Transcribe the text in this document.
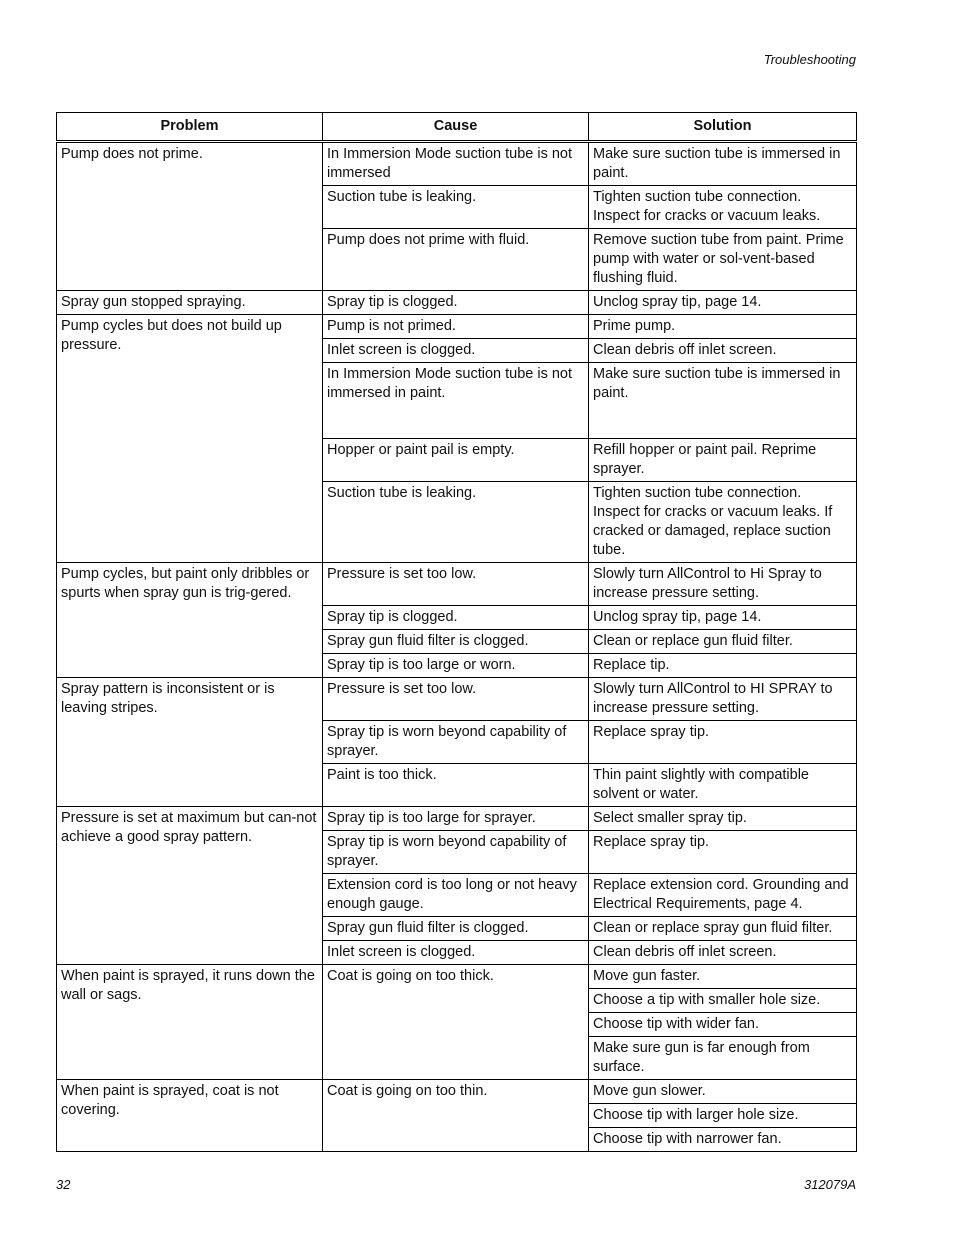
Troubleshooting
Problem	Cause	Solution
Pump does not prime.	In Immersion Mode suction tube is not immersed	Make sure suction tube is immersed in paint.
	Suction tube is leaking.	Tighten suction tube connection. Inspect for cracks or vacuum leaks.
	Pump does not prime with fluid.	Remove suction tube from paint. Prime pump with water or sol-vent-based flushing fluid.
Spray gun stopped spraying.	Spray tip is clogged.	Unclog spray tip, page 14.
Pump cycles but does not build up pressure.	Pump is not primed.	Prime pump.
	Inlet screen is clogged.	Clean debris off inlet screen.
	In Immersion Mode suction tube is not immersed in paint.	Make sure suction tube is immersed in paint.
	Hopper or paint pail is empty.	Refill hopper or paint pail. Reprime sprayer.
	Suction tube is leaking.	Tighten suction tube connection. Inspect for cracks or vacuum leaks. If cracked or damaged, replace suction tube.
Pump cycles, but paint only dribbles or spurts when spray gun is trig-gered.	Pressure is set too low.	Slowly turn AllControl to Hi Spray to increase pressure setting.
	Spray tip is clogged.	Unclog spray tip, page 14.
	Spray gun fluid filter is clogged.	Clean or replace gun fluid filter.
	Spray tip is too large or worn.	Replace tip.
Spray pattern is inconsistent or is leaving stripes.	Pressure is set too low.	Slowly turn AllControl to HI SPRAY to increase pressure setting.
	Spray tip is worn beyond capability of sprayer.	Replace spray tip.
	Paint is too thick.	Thin paint slightly with compatible solvent or water.
Pressure is set at maximum but can-not achieve a good spray pattern.	Spray tip is too large for sprayer.	Select smaller spray tip.
	Spray tip is worn beyond capability of sprayer.	Replace spray tip.
	Extension cord is too long or not heavy enough gauge.	Replace extension cord. Grounding and Electrical Requirements, page 4.
	Spray gun fluid filter is clogged.	Clean or replace spray gun fluid filter.
	Inlet screen is clogged.	Clean debris off inlet screen.
When paint is sprayed, it runs down the wall or sags.	Coat is going on too thick.	Move gun faster.
		Choose a tip with smaller hole size.
		Choose tip with wider fan.
		Make sure gun is far enough from surface.
When paint is sprayed, coat is not covering.	Coat is going on too thin.	Move gun slower.
		Choose tip with larger hole size.
		Choose tip with narrower fan.
32	312079A
